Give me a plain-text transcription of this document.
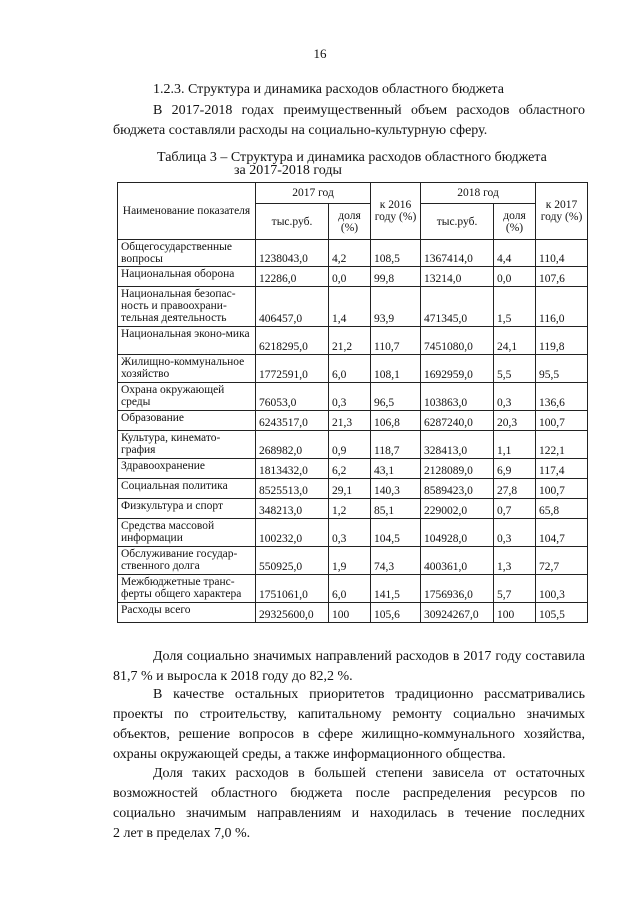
16
1.2.3. Структура и динамика расходов областного бюджета
В 2017-2018 годах преимущественный объем расходов областного
бюджета составляли расходы на социально-культурную сферу.
Таблица 3 – Структура и динамика расходов областного бюджета
за 2017-2018 годы
Наименование показателя	2017 год		к 2016 году (%)	2018 год		к 2017 году (%)
	тыс.руб.	доля (%)		тыс.руб.	доля (%)	
Общегосударственные вопросы	1238043,0	4,2	108,5	1367414,0	4,4	110,4
Национальная оборона	12286,0	0,0	99,8	13214,0	0,0	107,6
Национальная безопас-ность и правоохрани-тельная деятельность	406457,0	1,4	93,9	471345,0	1,5	116,0
Национальная эконо-мика	6218295,0	21,2	110,7	7451080,0	24,1	119,8
Жилищно-коммунальное хозяйство	1772591,0	6,0	108,1	1692959,0	5,5	95,5
Охрана окружающей среды	76053,0	0,3	96,5	103863,0	0,3	136,6
Образование	6243517,0	21,3	106,8	6287240,0	20,3	100,7
Культура, кинемато-графия	268982,0	0,9	118,7	328413,0	1,1	122,1
Здравоохранение	1813432,0	6,2	43,1	2128089,0	6,9	117,4
Социальная политика	8525513,0	29,1	140,3	8589423,0	27,8	100,7
Физкультура и спорт	348213,0	1,2	85,1	229002,0	0,7	65,8
Средства массовой информации	100232,0	0,3	104,5	104928,0	0,3	104,7
Обслуживание государ-ственного долга	550925,0	1,9	74,3	400361,0	1,3	72,7
Межбюджетные транс-ферты общего характера	1751061,0	6,0	141,5	1756936,0	5,7	100,3
Расходы всего	29325600,0	100	105,6	30924267,0	100	105,5
Доля социально значимых направлений расходов в 2017 году составила
81,7 % и выросла к 2018 году до 82,2 %.
В качестве остальных приоритетов традиционно рассматривались
проекты по строительству, капитальному ремонту социально значимых
объектов, решение вопросов в сфере жилищно-коммунального хозяйства,
охраны окружающей среды, а также информационного общества.
Доля таких расходов в большей степени зависела от остаточных
возможностей областного бюджета после распределения ресурсов по
социально значимым направлениям и находилась в течение последних
2 лет в пределах 7,0 %.
